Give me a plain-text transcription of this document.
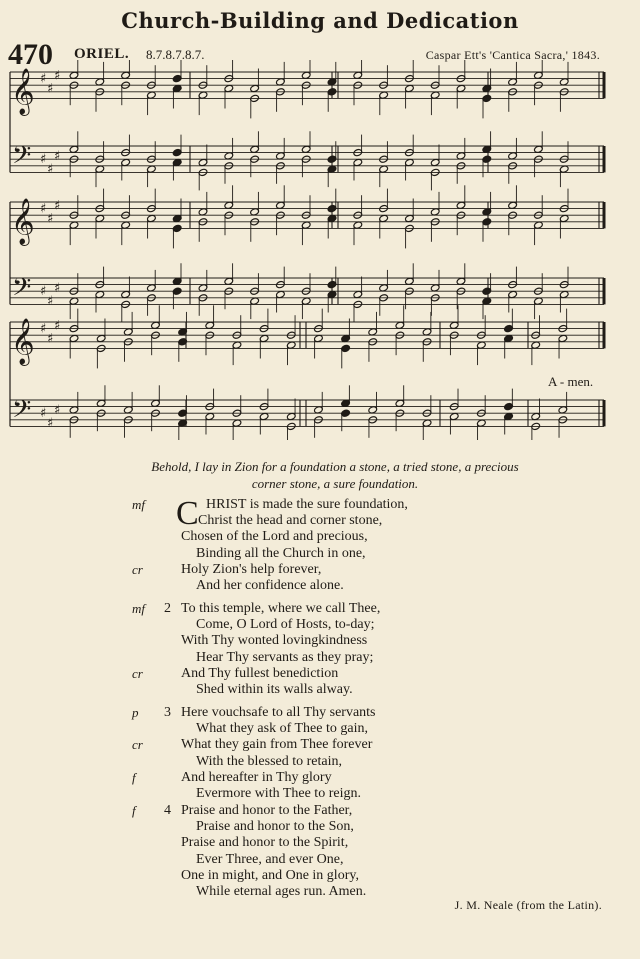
Church-Building and Dedication
470 ORIEL. 8.7.8.7.8.7.	Caspar Ett's 'Cantica Sacra,' 1843.
𝄞 ♯
♯
♯
𝄢 ♯
♯
♯
𝄞 ♯
♯
♯
𝄢 ♯
♯
♯
𝄞 ♯
♯
♯
𝄢 ♯
♯
♯
A - men.
Behold, I lay in Zion for a foundation a stone, a tried stone, a precious
corner stone, a sure foundation.
C
J. M. Neale (from the Latin).
HRIST is made the sure foundation,
mf
Christ the head and corner stone,
Chosen of the Lord and precious,
Binding all the Church in one,
Holy Zion's help forever,
cr
And her confidence alone.
2 To this temple, where we call Thee,
mf
Come, O Lord of Hosts, to-day;
With Thy wonted lovingkindness
Hear Thy servants as they pray;
And Thy fullest benediction
cr
Shed within its walls alway.
3 Here vouchsafe to all Thy servants
p
What they ask of Thee to gain,
What they gain from Thee forever
cr
With the blessed to retain,
And hereafter in Thy glory
f
Evermore with Thee to reign.
4 Praise and honor to the Father,
f
Praise and honor to the Son,
Praise and honor to the Spirit,
Ever Three, and ever One,
One in might, and One in glory,
While eternal ages run. Amen.
